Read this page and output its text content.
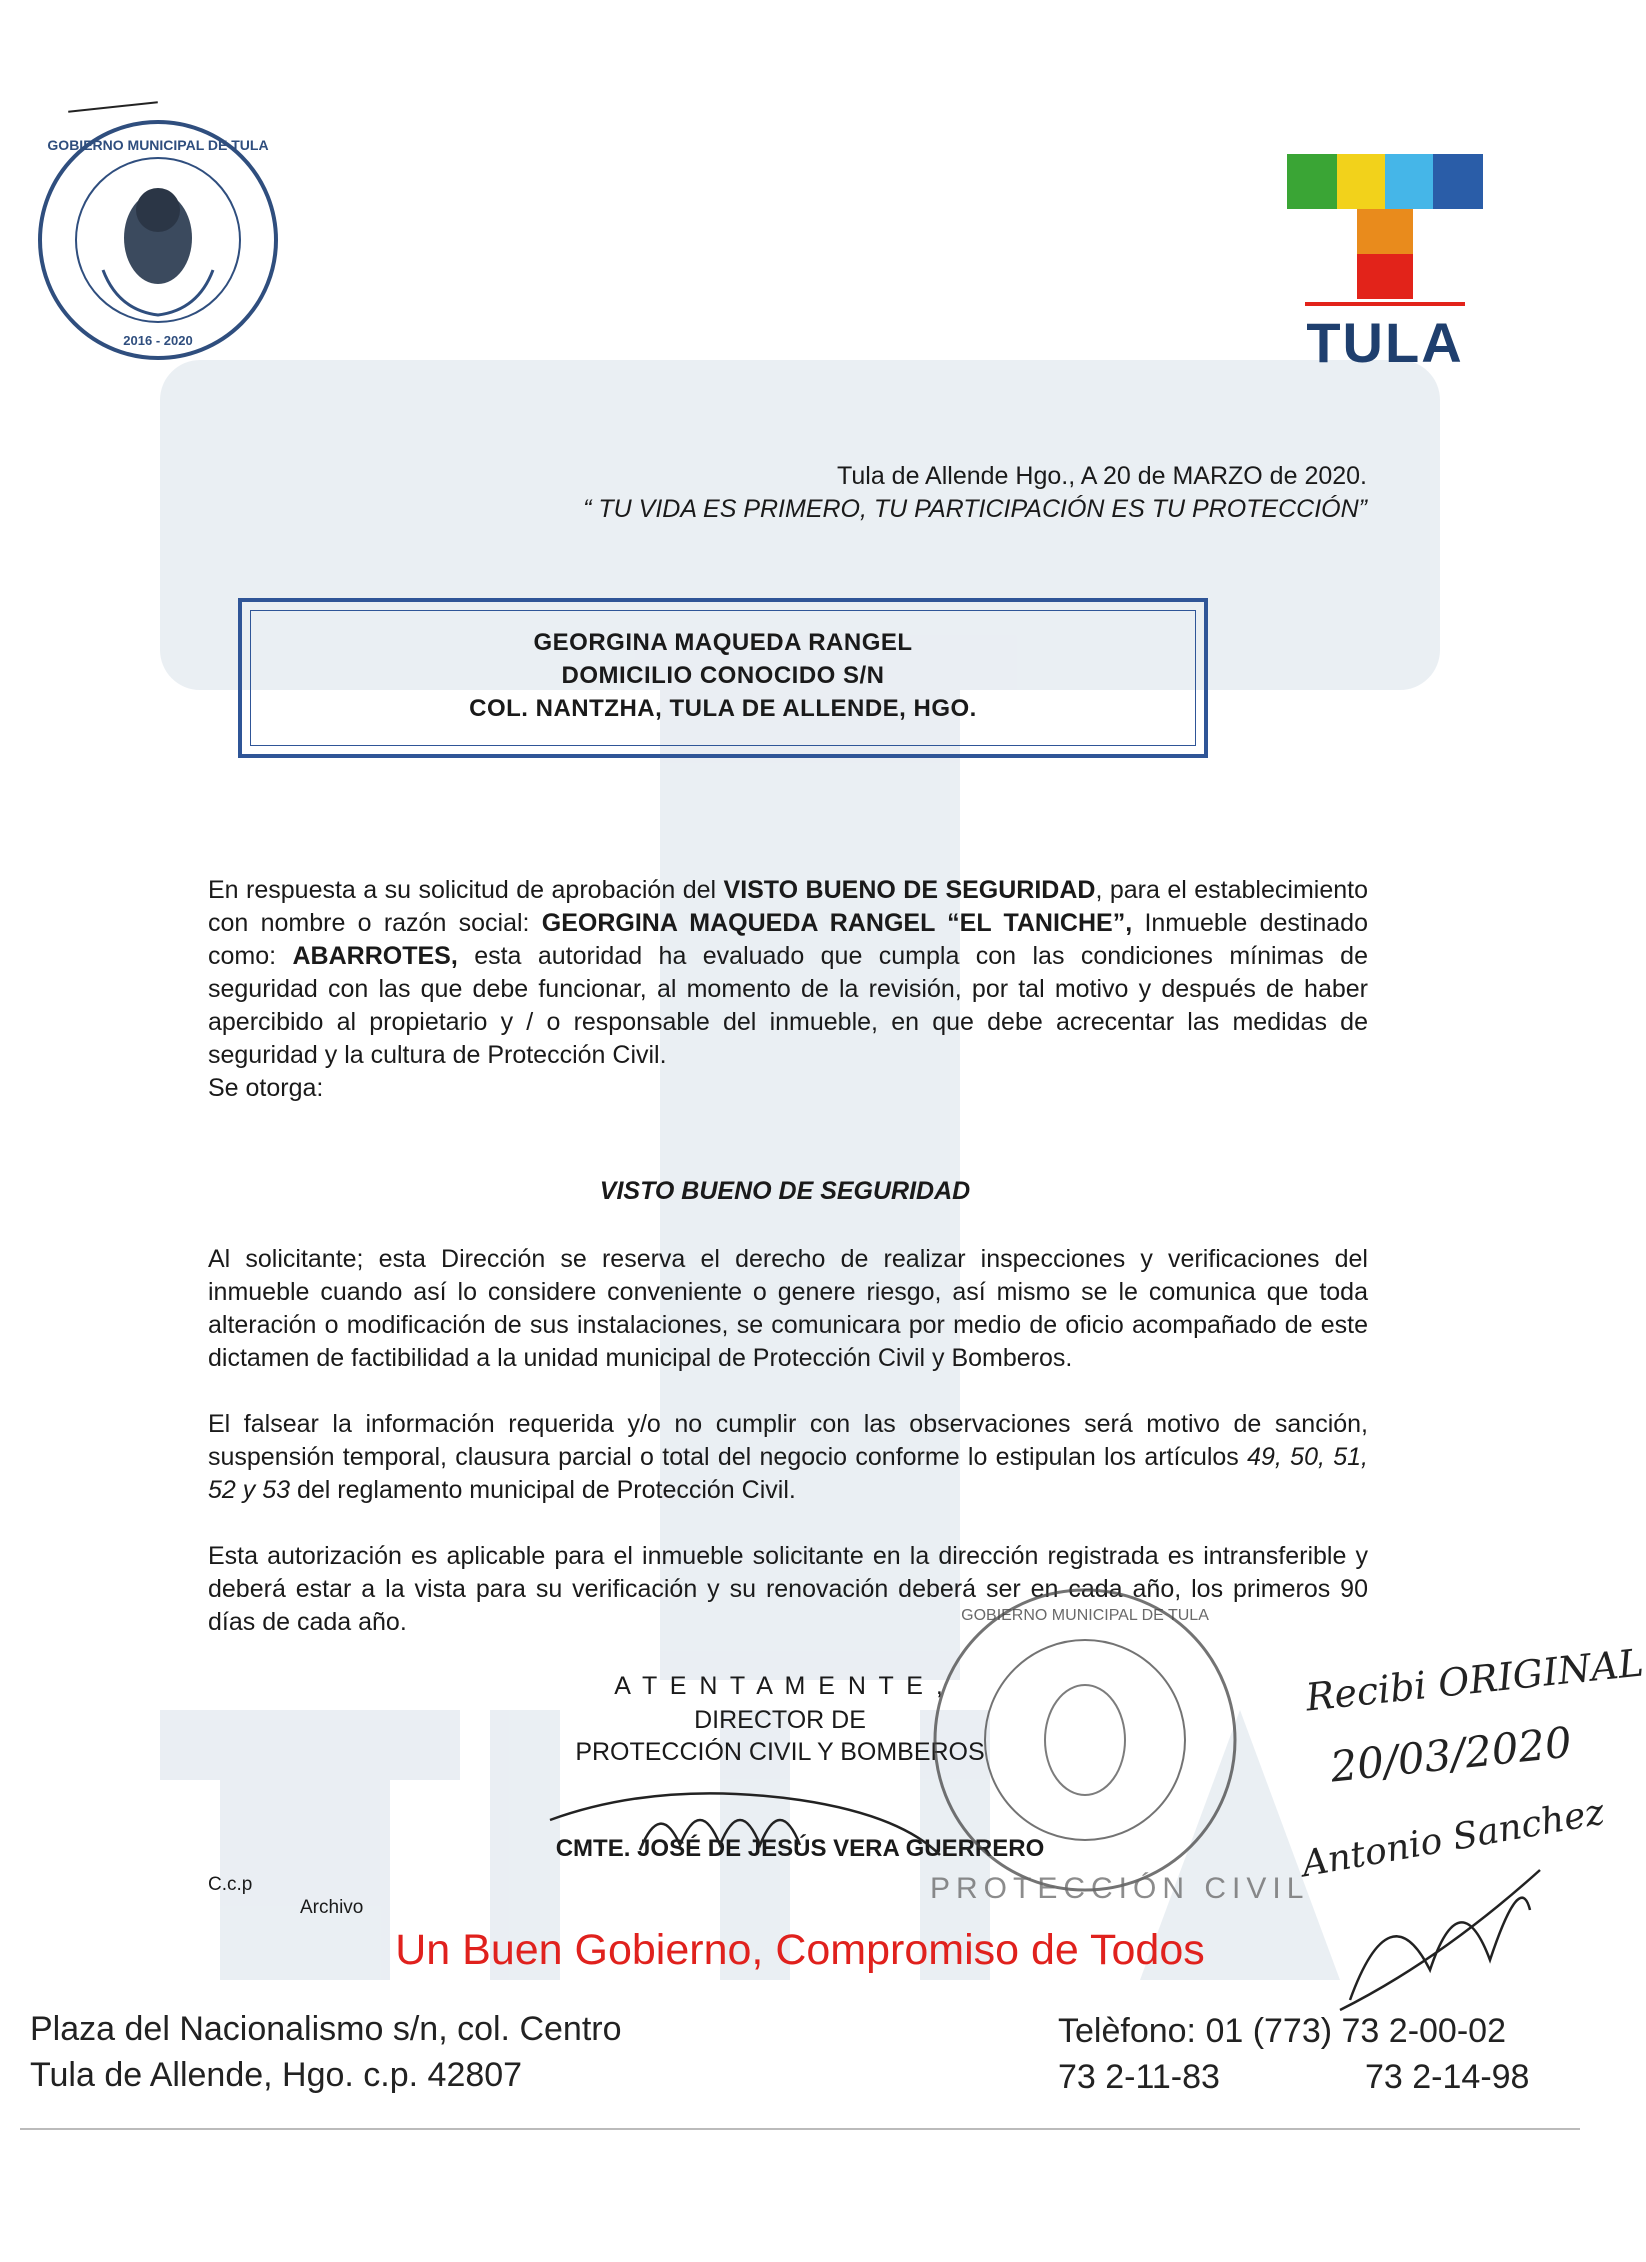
GOBIERNO MUNICIPAL DE TULA
2016 - 2020	TULA
Tula de Allende Hgo., A 20 de MARZO de 2020.
“ TU VIDA ES PRIMERO, TU PARTICIPACIÓN ES TU PROTECCIÓN”
GEORGINA MAQUEDA RANGEL
DOMICILIO CONOCIDO S/N
COL. NANTZHA, TULA DE ALLENDE, HGO.
En respuesta a su solicitud de aprobación del VISTO BUENO DE SEGURIDAD, para el establecimiento con nombre o razón social: GEORGINA MAQUEDA RANGEL “EL TANICHE”, Inmueble destinado como: ABARROTES, esta autoridad ha evaluado que cumpla con las condiciones mínimas de seguridad con las que debe funcionar, al momento de la revisión, por tal motivo y después de haber apercibido al propietario y / o responsable del inmueble, en que debe acrecentar las medidas de seguridad y la cultura de Protección Civil.
Se otorga:
VISTO BUENO DE SEGURIDAD
Al solicitante; esta Dirección se reserva el derecho de realizar inspecciones y verificaciones del inmueble cuando así lo considere conveniente o genere riesgo, así mismo se le comunica que toda alteración o modificación de sus instalaciones, se comunicara por medio de oficio acompañado de este dictamen de factibilidad a la unidad municipal de Protección Civil y Bomberos.
El falsear la información requerida y/o no cumplir con las observaciones será motivo de sanción, suspensión temporal, clausura parcial o total del negocio conforme lo estipulan los artículos 49, 50, 51, 52 y 53 del reglamento municipal de Protección Civil.
Esta autorización es aplicable para el inmueble solicitante en la dirección registrada es intransferible y deberá estar a la vista para su verificación y su renovación deberá ser en cada año, los primeros 90 días de cada año.
A T E N T A M E N T E ,
DIRECTOR DE
PROTECCIÓN CIVIL Y BOMBEROS
CMTE. JOSÉ DE JESÚS VERA GUERRERO
GOBIERNO MUNICIPAL DE TULA
PROTECCIÓN CIVIL
Recibi ORIGINAL
20/03/2020
Antonio Sanchez
C.c.p
Archivo
Un Buen Gobierno, Compromiso de Todos
Plaza del Nacionalismo s/n, col. Centro
Tula de Allende, Hgo. c.p. 42807
Telèfono: 01 (773) 73 2-00-02
73 2-11-83	73 2-14-98
